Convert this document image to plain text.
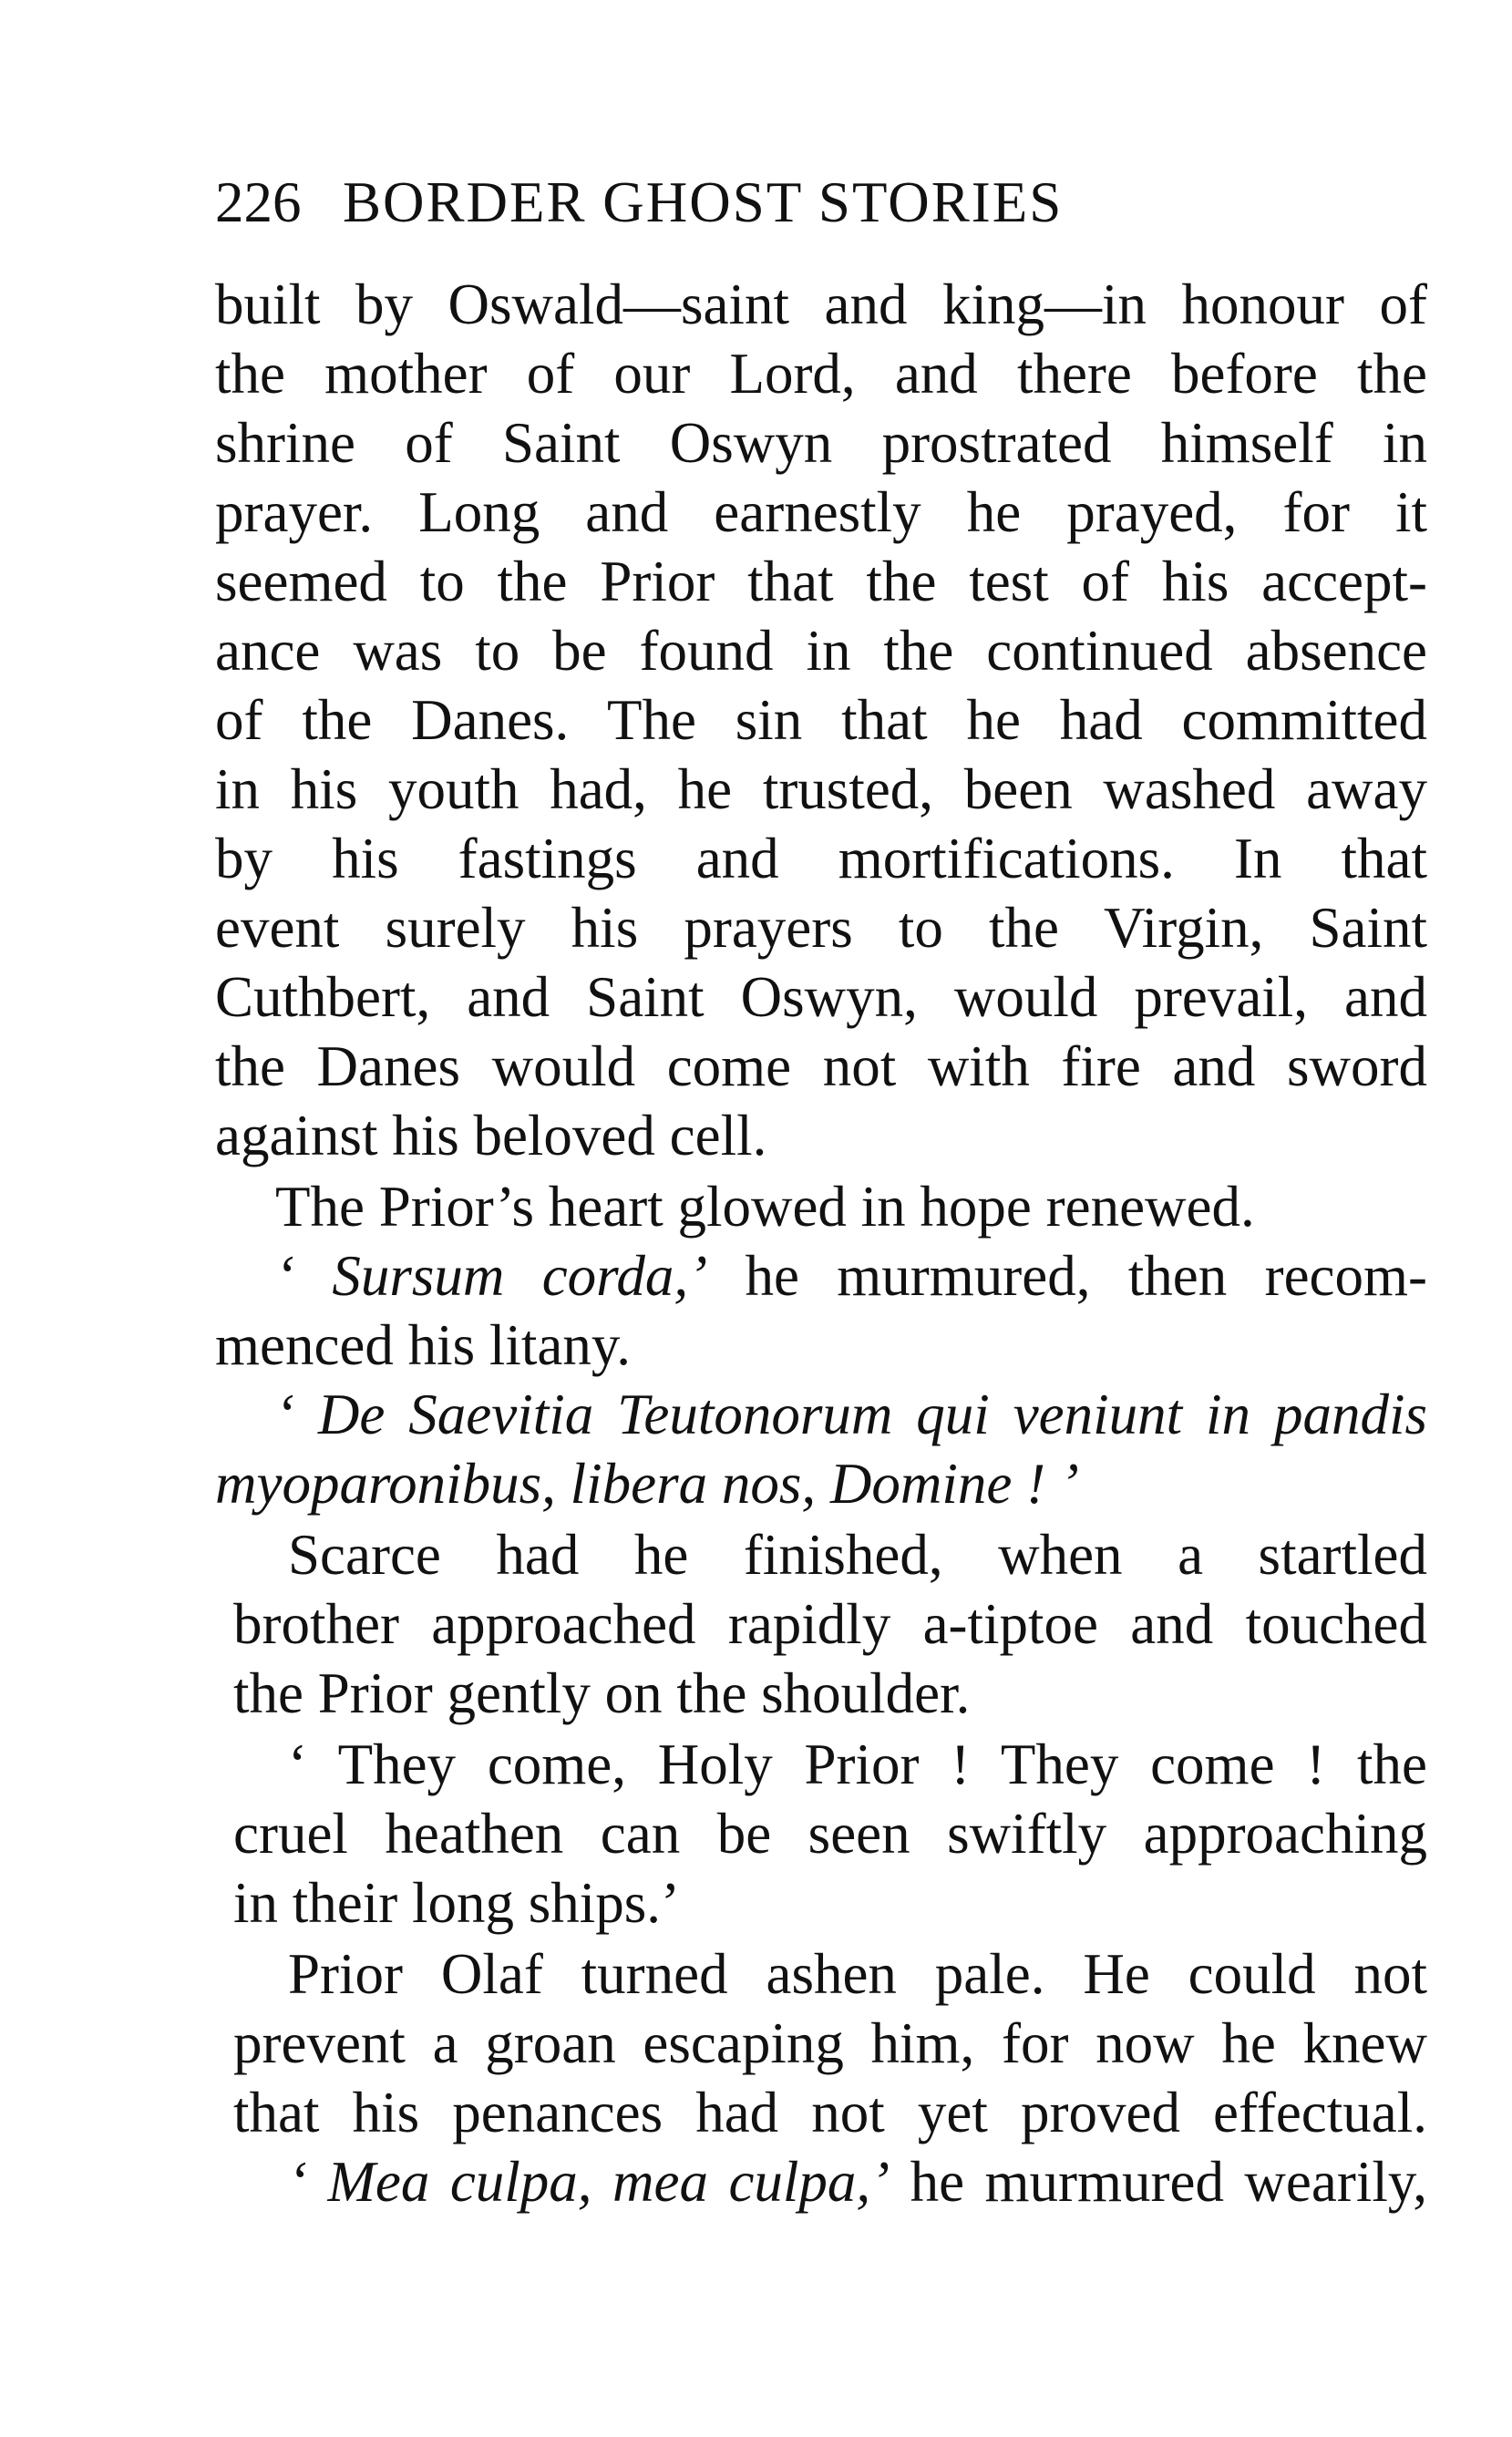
226 BORDER GHOST STORIES
built by Oswald—saint and king—in honour of
the mother of our Lord, and there before the
shrine of Saint Oswyn prostrated himself in
prayer. Long and earnestly he prayed, for it
seemed to the Prior that the test of his accept-
ance was to be found in the continued absence
of the Danes. The sin that he had committed
in his youth had, he trusted, been washed away
by his fastings and mortifications. In that
event surely his prayers to the Virgin, Saint
Cuthbert, and Saint Oswyn, would prevail, and
the Danes would come not with fire and sword
against his beloved cell.
The Prior’s heart glowed in hope renewed.
‘ Sursum corda,’ he murmured, then recom-
menced his litany.
‘ De Saevitia Teutonorum qui veniunt in pandis
myoparonibus, libera nos, Domine ! ’
Scarce had he finished, when a startled
brother approached rapidly a-tiptoe and touched
the Prior gently on the shoulder.
‘ They come, Holy Prior ! They come ! the
cruel heathen can be seen swiftly approaching
in their long ships.’
Prior Olaf turned ashen pale. He could not
prevent a groan escaping him, for now he knew
that his penances had not yet proved effectual.
‘ Mea culpa, mea culpa,’ he murmured wearily,
